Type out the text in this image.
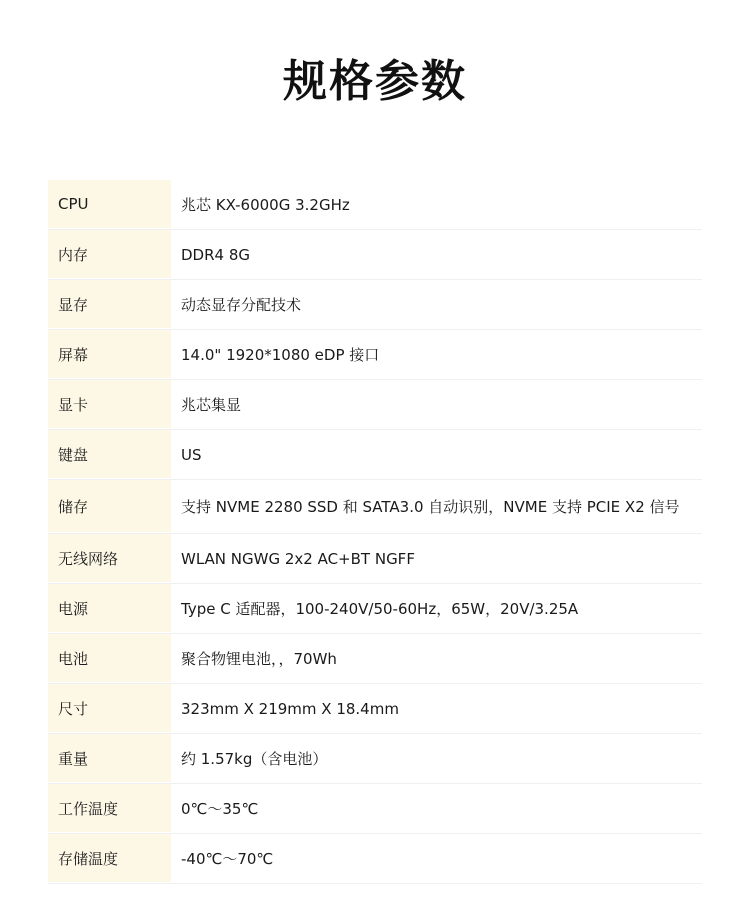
规格参数
CPU	兆芯 KX-6000G 3.2GHz
内存	DDR4 8G
显存	动态显存分配技术
屏幕	14.0" 1920*1080 eDP 接口
显卡	兆芯集显
键盘	US
储存	支持 NVME 2280 SSD 和 SATA3.0 自动识别，NVME 支持 PCIE X2 信号
无线网络	WLAN NGWG 2x2 AC+BT NGFF
电源	Type C 适配器，100-240V/50-60Hz，65W，20V/3.25A
电池	聚合物锂电池，，70Wh
尺寸	323mm X 219mm X 18.4mm
重量	约 1.57kg（含电池）
工作温度	0℃～35℃
存储温度	-40℃～70℃
